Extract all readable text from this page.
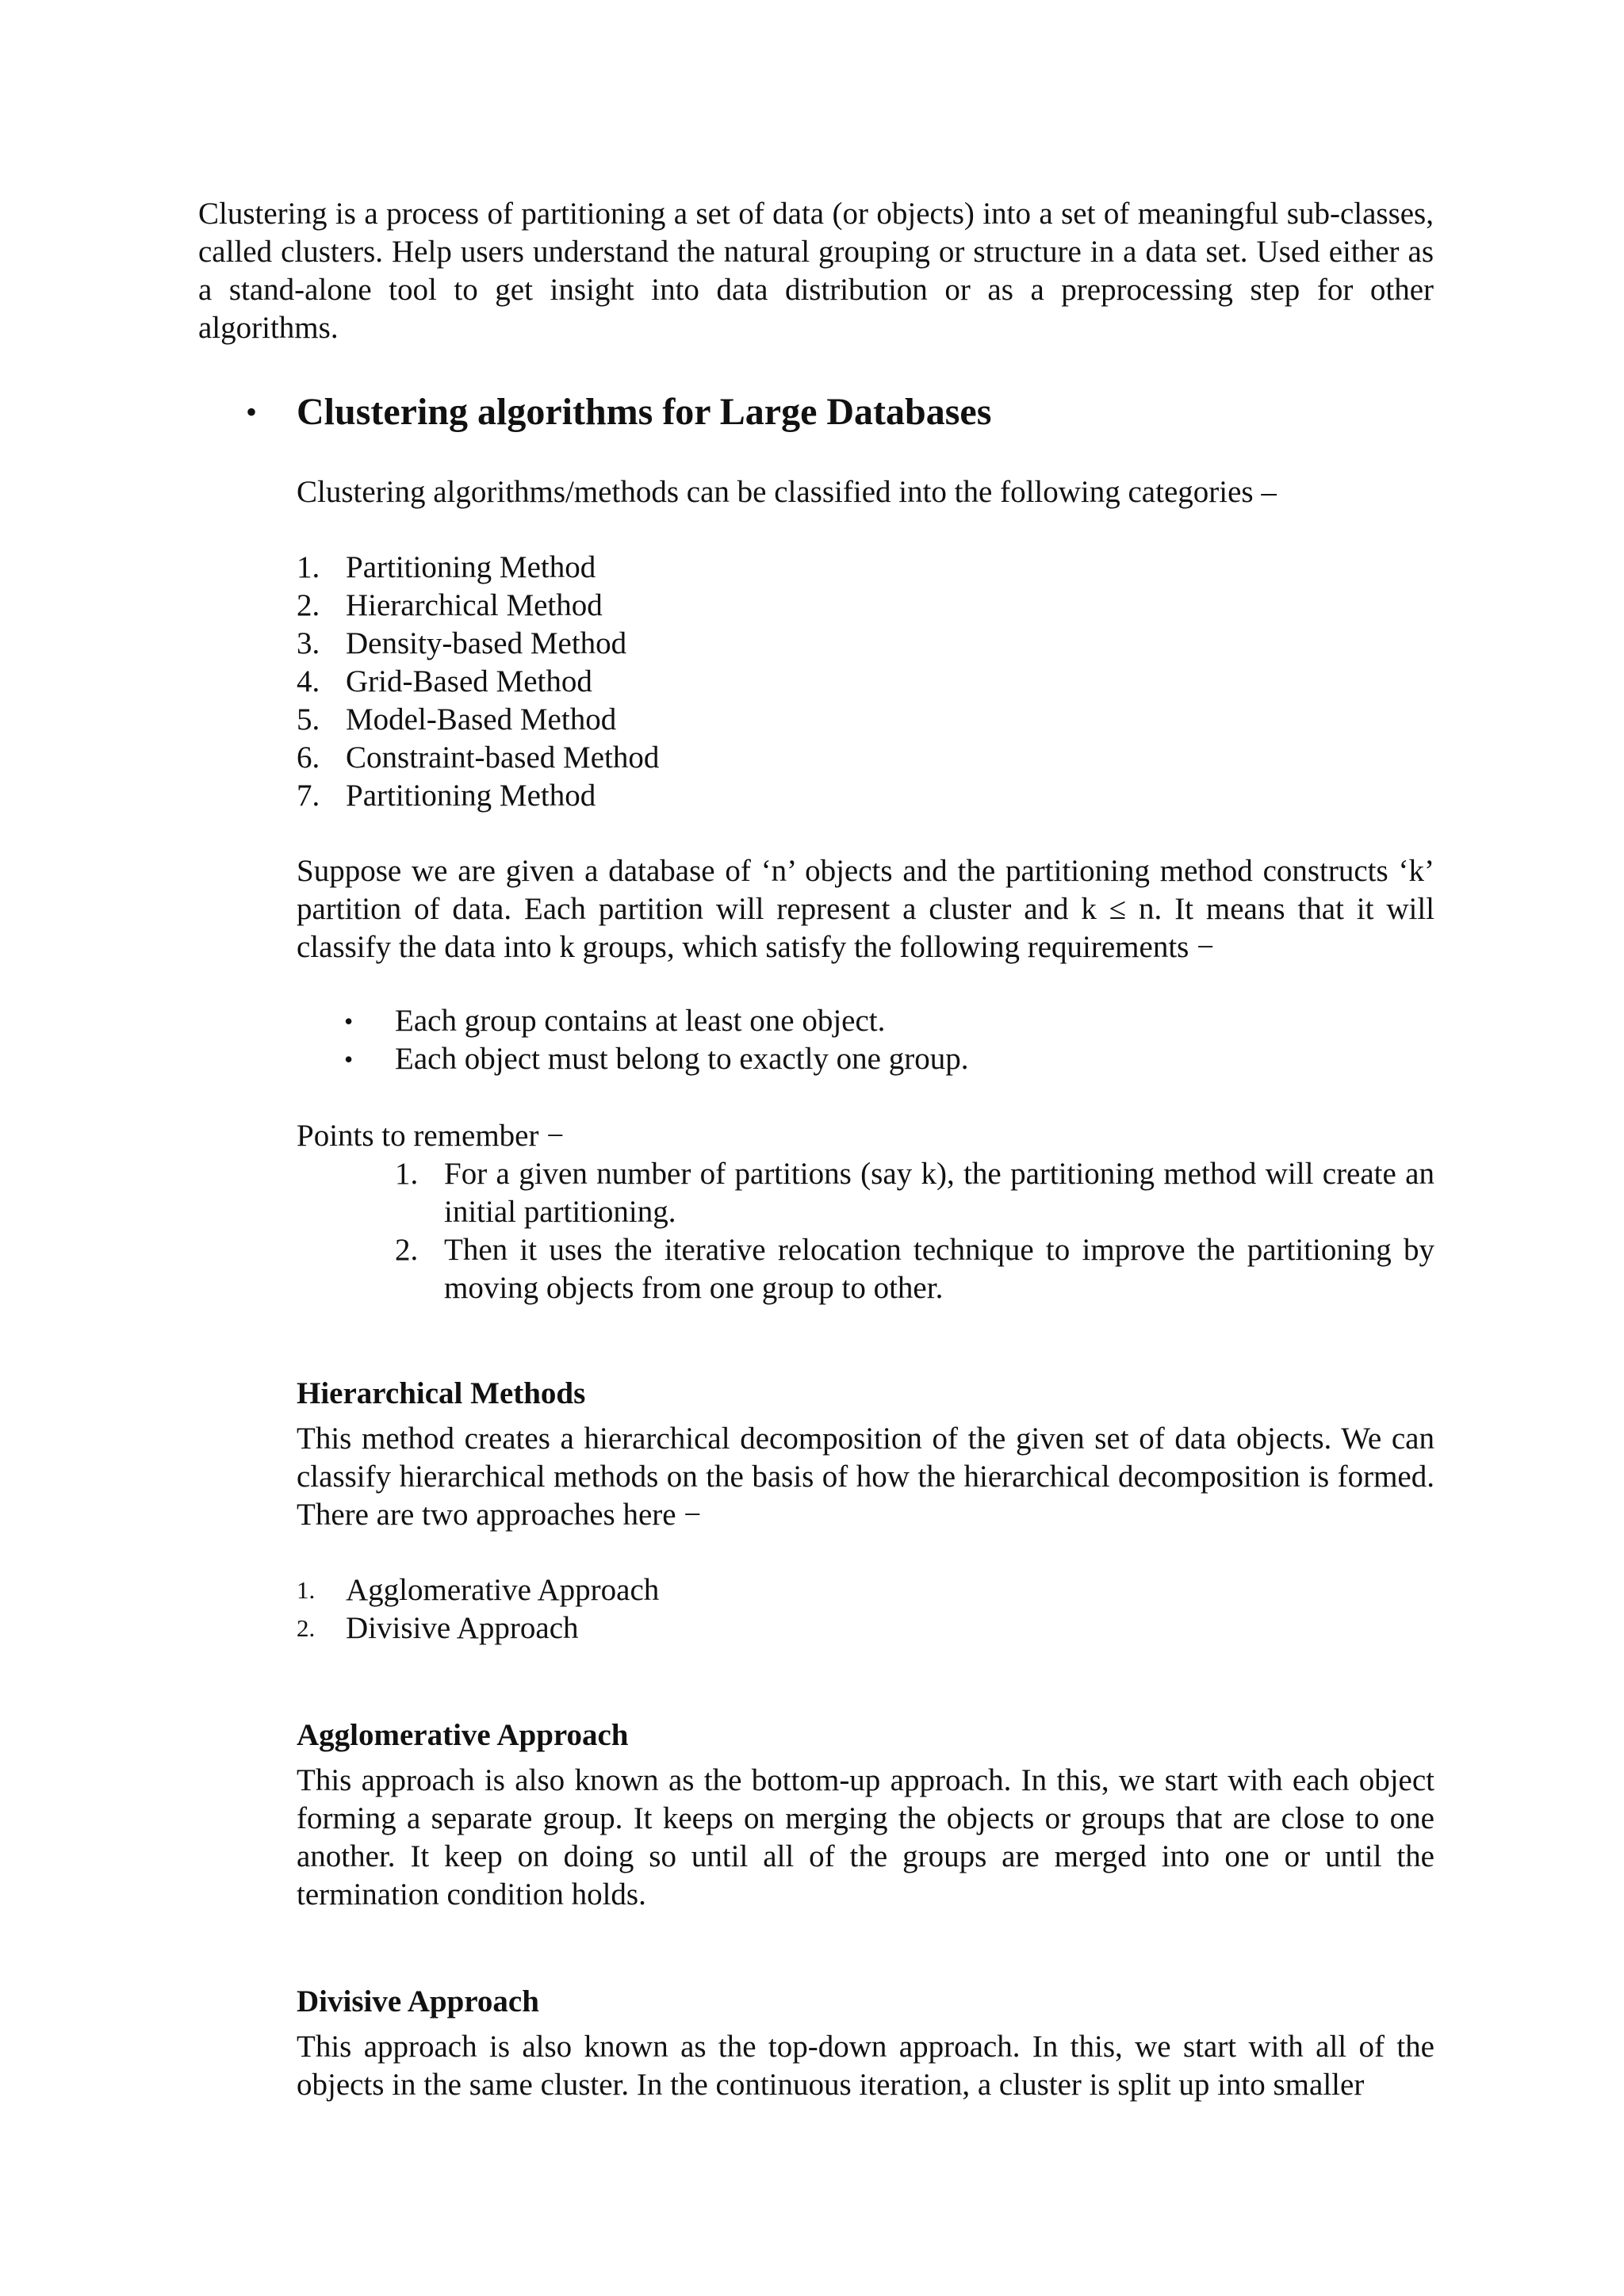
Clustering is a process of partitioning a set of data (or objects) into a set of meaningful sub-classes, called clusters. Help users understand the natural grouping or structure in a data set. Used either as a stand-alone tool to get insight into data distribution or as a preprocessing step for other algorithms.

• Clustering algorithms for Large Databases

Clustering algorithms/methods can be classified into the following categories –

1. Partitioning Method
2. Hierarchical Method
3. Density-based Method
4. Grid-Based Method
5. Model-Based Method
6. Constraint-based Method
7. Partitioning Method

Suppose we are given a database of ‘n’ objects and the partitioning method constructs ‘k’ partition of data. Each partition will represent a cluster and k ≤ n. It means that it will classify the data into k groups, which satisfy the following requirements −

• Each group contains at least one object.
• Each object must belong to exactly one group.

Points to remember −

1. For a given number of partitions (say k), the partitioning method will create an initial partitioning.
2. Then it uses the iterative relocation technique to improve the partitioning by moving objects from one group to other.

Hierarchical Methods

This method creates a hierarchical decomposition of the given set of data objects. We can classify hierarchical methods on the basis of how the hierarchical decomposition is formed. There are two approaches here −

1. Agglomerative Approach
2. Divisive Approach

Agglomerative Approach

This approach is also known as the bottom-up approach. In this, we start with each object forming a separate group. It keeps on merging the objects or groups that are close to one another. It keep on doing so until all of the groups are merged into one or until the termination condition holds.

Divisive Approach

This approach is also known as the top-down approach. In this, we start with all of the objects in the same cluster. In the continuous iteration, a cluster is split up into smaller
